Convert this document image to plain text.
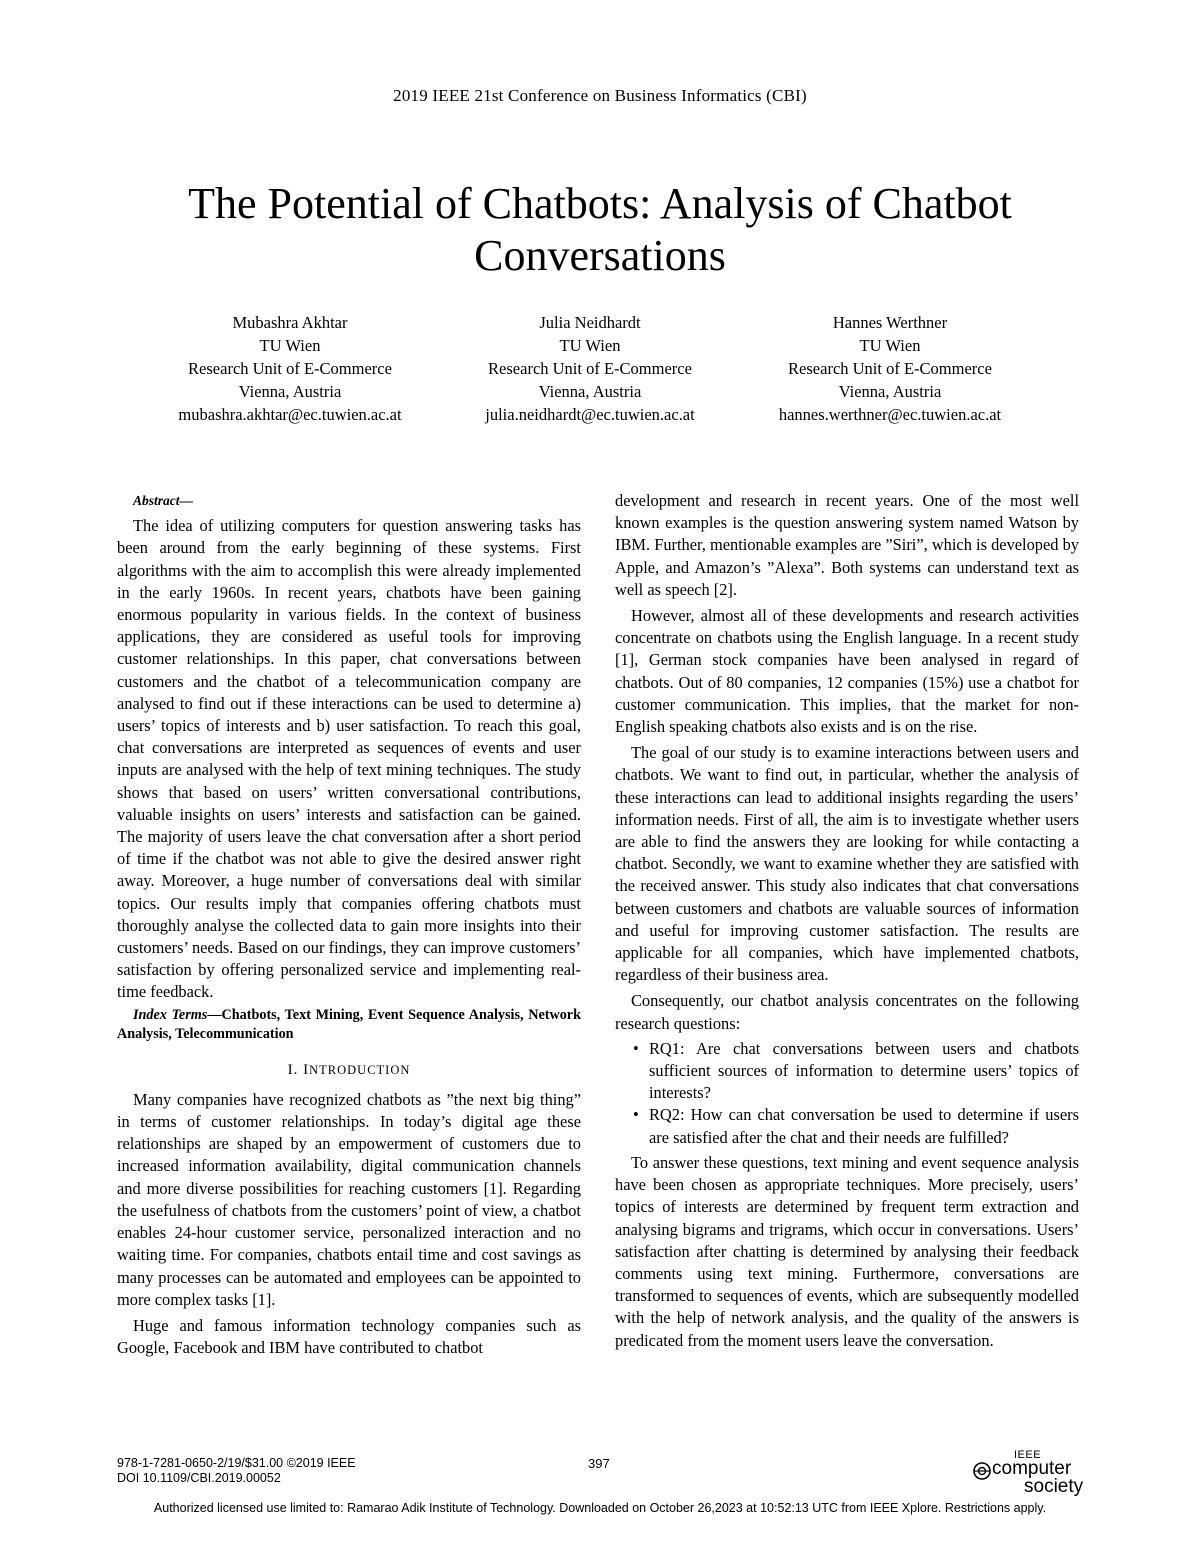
2019 IEEE 21st Conference on Business Informatics (CBI)
The Potential of Chatbots: Analysis of Chatbot
Conversations
Mubashra Akhtar
TU Wien
Research Unit of E-Commerce
Vienna, Austria
mubashra.akhtar@ec.tuwien.ac.at
Julia Neidhardt
TU Wien
Research Unit of E-Commerce
Vienna, Austria
julia.neidhardt@ec.tuwien.ac.at
Hannes Werthner
TU Wien
Research Unit of E-Commerce
Vienna, Austria
hannes.werthner@ec.tuwien.ac.at
Abstract—

The idea of utilizing computers for question answering tasks has been around from the early beginning of these systems. First algorithms with the aim to accomplish this were already implemented in the early 1960s. In recent years, chatbots have been gaining enormous popularity in various fields. In the context of business applications, they are considered as useful tools for improving customer relationships. In this paper, chat conversations between customers and the chatbot of a telecommunication company are analysed to find out if these interactions can be used to determine a) users’ topics of interests and b) user satisfaction. To reach this goal, chat conversations are interpreted as sequences of events and user inputs are analysed with the help of text mining techniques. The study shows that based on users’ written conversational contributions, valuable insights on users’ interests and satisfaction can be gained. The majority of users leave the chat conversation after a short period of time if the chatbot was not able to give the desired answer right away. Moreover, a huge number of conversations deal with similar topics. Our results imply that companies offering chatbots must thoroughly analyse the collected data to gain more insights into their customers’ needs. Based on our findings, they can improve customers’ satisfaction by offering personalized service and implementing real-time feedback.

Index Terms—Chatbots, Text Mining, Event Sequence Analysis, Network Analysis, Telecommunication
I. INTRODUCTION

Many companies have recognized chatbots as ”the next big thing” in terms of customer relationships. In today’s digital age these relationships are shaped by an empowerment of customers due to increased information availability, digital communication channels and more diverse possibilities for reaching customers [1]. Regarding the usefulness of chatbots from the customers’ point of view, a chatbot enables 24-hour customer service, personalized interaction and no waiting time. For companies, chatbots entail time and cost savings as many processes can be automated and employees can be appointed to more complex tasks [1].

Huge and famous information technology companies such as Google, Facebook and IBM have contributed to chatbot

development and research in recent years. One of the most well known examples is the question answering system named Watson by IBM. Further, mentionable examples are ”Siri”, which is developed by Apple, and Amazon’s ”Alexa”. Both systems can understand text as well as speech [2].

However, almost all of these developments and research activities concentrate on chatbots using the English language. In a recent study [1], German stock companies have been analysed in regard of chatbots. Out of 80 companies, 12 companies (15%) use a chatbot for customer communication. This implies, that the market for non-English speaking chatbots also exists and is on the rise.

The goal of our study is to examine interactions between users and chatbots. We want to find out, in particular, whether the analysis of these interactions can lead to additional insights regarding the users’ information needs. First of all, the aim is to investigate whether users are able to find the answers they are looking for while contacting a chatbot. Secondly, we want to examine whether they are satisfied with the received answer. This study also indicates that chat conversations between customers and chatbots are valuable sources of information and useful for improving customer satisfaction. The results are applicable for all companies, which have implemented chatbots, regardless of their business area.

Consequently, our chatbot analysis concentrates on the following research questions:

• RQ1: Are chat conversations between users and chatbots sufficient sources of information to determine users’ topics of interests?
• RQ2: How can chat conversation be used to determine if users are satisfied after the chat and their needs are fulfilled?

To answer these questions, text mining and event sequence analysis have been chosen as appropriate techniques. More precisely, users’ topics of interests are determined by frequent term extraction and analysing bigrams and trigrams, which occur in conversations. Users’ satisfaction after chatting is determined by analysing their feedback comments using text mining. Furthermore, conversations are transformed to sequences of events, which are subsequently modelled with the help of network analysis, and the quality of the answers is predicated from the moment users leave the conversation.

978-1-7281-0650-2/19/$31.00 ©2019 IEEE
DOI 10.1109/CBI.2019.00052
397
IEEE
computer
society
Authorized licensed use limited to: Ramarao Adik Institute of Technology. Downloaded on October 26,2023 at 10:52:13 UTC from IEEE Xplore. Restrictions apply.
